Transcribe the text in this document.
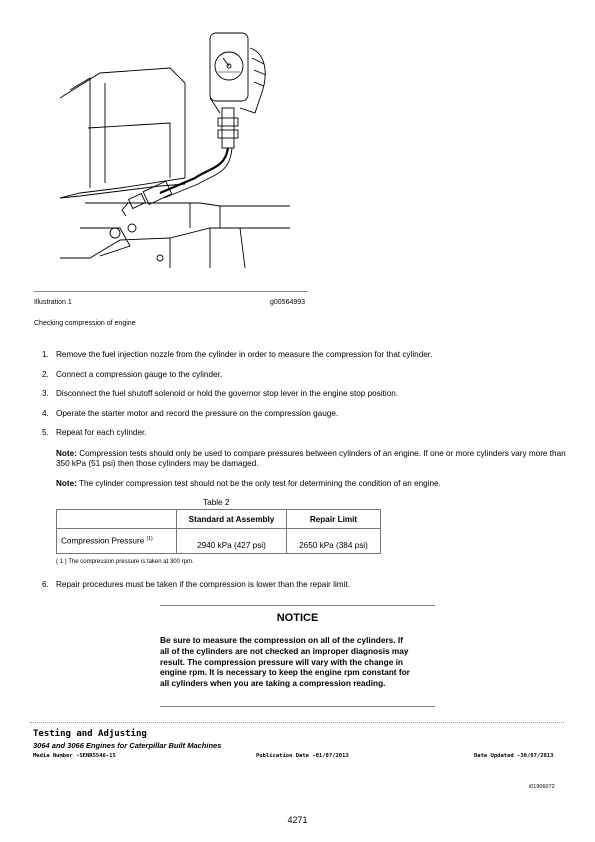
Illustration 1	g00564993
Checking compression of engine
1. Remove the fuel injection nozzle from the cylinder in order to measure the compression for that cylinder.
2. Connect a compression gauge to the cylinder.
3. Disconnect the fuel shutoff solenoid or hold the governor stop lever in the engine stop position.
4. Operate the starter motor and record the pressure on the compression gauge.
5. Repeat for each cylinder.
Note: Compression tests should only be used to compare pressures between cylinders of an engine. If one or more cylinders vary more than 350 kPa (51 psi) then those cylinders may be damaged.
Note: The cylinder compression test should not be the only test for determining the condition of an engine.
Table 2
	Standard at Assembly	Repair Limit
Compression Pressure $^{(1)}$	2940 kPa (427 psi)	2650 kPa (384 psi)
( 1 ) The compression pressure is taken at 300 rpm.
6. Repair procedures must be taken if the compression is lower than the repair limit.
NOTICE
Be sure to measure the compression on all of the cylinders. If
all of the cylinders are not checked an improper diagnosis may
result. The compression pressure will vary with the change in
engine rpm. It is necessary to keep the engine rpm constant for
all cylinders when you are taking a compression reading.
Testing and Adjusting
3064 and 3066 Engines for Caterpillar Built Machines
Media Number -SENR5546-15	Publication Date -01/07/2013	Date Updated -30/07/2013
i01906072
4271
